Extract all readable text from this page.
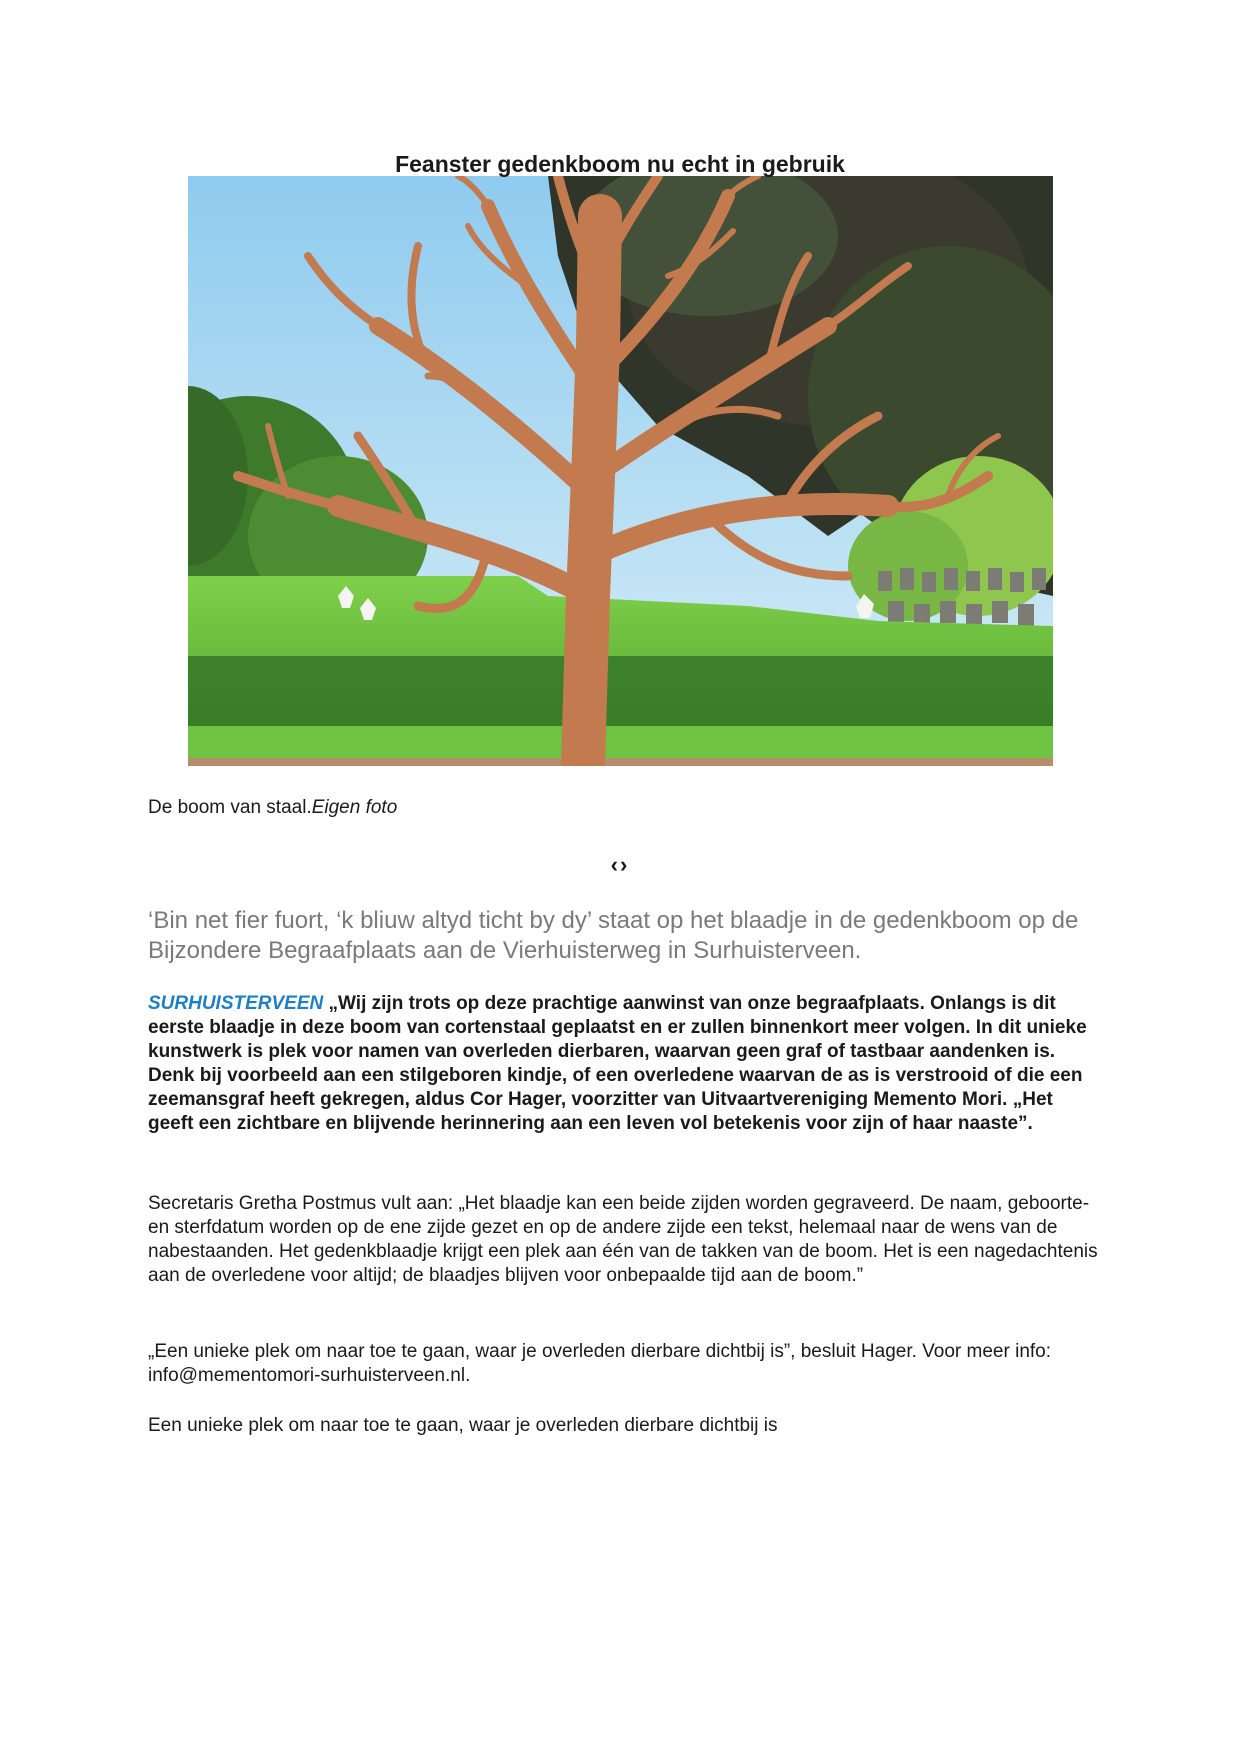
Feanster gedenkboom nu echt in gebruik

De boom van staal.Eigen foto

‹›

‘Bin net fier fuort, ‘k bliuw altyd ticht by dy’ staat op het blaadje in de gedenkboom op de Bijzondere Begraafplaats aan de Vierhuisterweg in Surhuisterveen.

SURHUISTERVEEN „Wij zijn trots op deze prachtige aanwinst van onze begraafplaats. Onlangs is dit eerste blaadje in deze boom van cortenstaal geplaatst en er zullen binnenkort meer volgen. In dit unieke kunstwerk is plek voor namen van overleden dierbaren, waarvan geen graf of tastbaar aandenken is. Denk bij voorbeeld aan een stilgeboren kindje, of een overledene waarvan de as is verstrooid of die een zeemansgraf heeft gekregen, aldus Cor Hager, voorzitter van Uitvaartvereniging Memento Mori. „Het geeft een zichtbare en blijvende herinnering aan een leven vol betekenis voor zijn of haar naaste”.

Secretaris Gretha Postmus vult aan: „Het blaadje kan een beide zijden worden gegraveerd. De naam, geboorte- en sterfdatum worden op de ene zijde gezet en op de andere zijde een tekst, helemaal naar de wens van de nabestaanden. Het gedenkblaadje krijgt een plek aan één van de takken van de boom. Het is een nagedachtenis aan de overledene voor altijd; de blaadjes blijven voor onbepaalde tijd aan de boom.”

„Een unieke plek om naar toe te gaan, waar je overleden dierbare dichtbij is”, besluit Hager. Voor meer info: info@mementomori-surhuisterveen.nl.

Een unieke plek om naar toe te gaan, waar je overleden dierbare dichtbij is
